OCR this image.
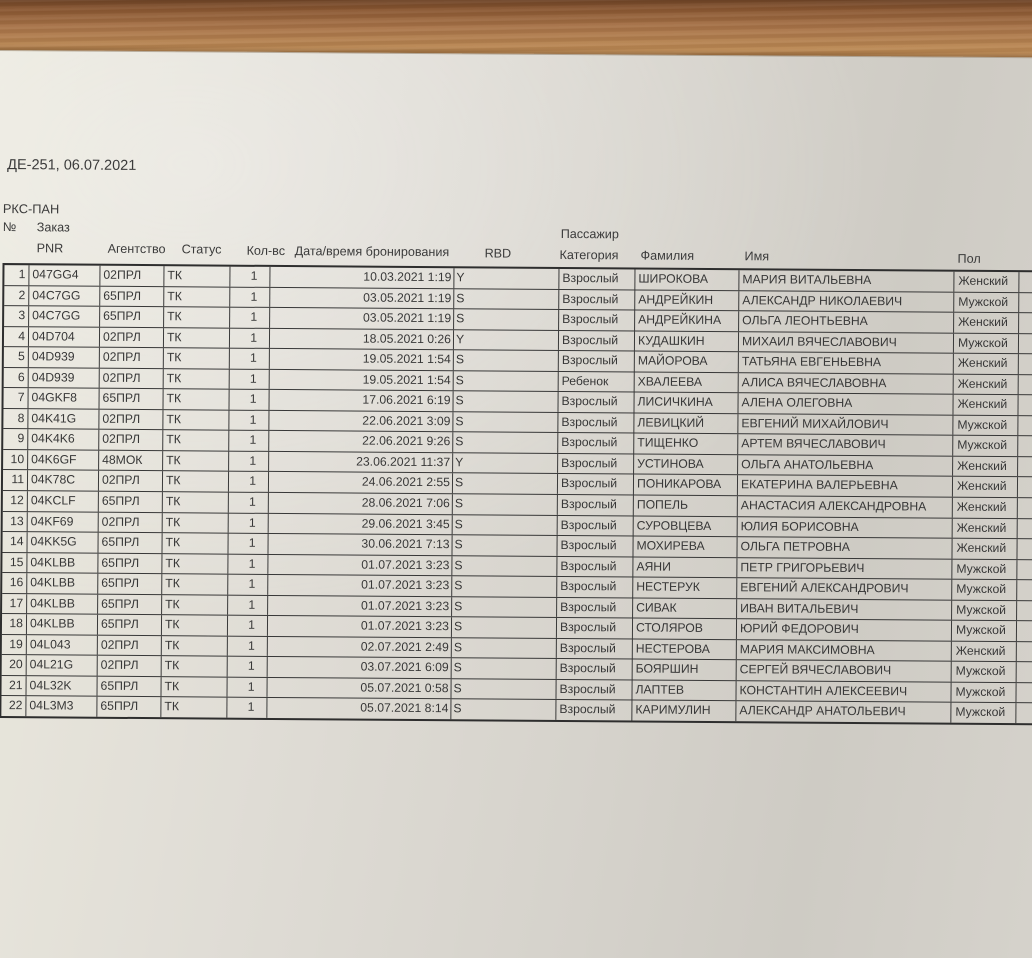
ДЕ-251, 06.07.2021
РКС-ПАН
№ Заказ	Пассажир
PNR	Агентство Статус Кол-вс Дата/время бронирования	RBD	Категория Фамилия	Имя	Пол
1 047GG4	02ПРЛ	ТК	1	10.03.2021 1:19 Y	Взрослый	ШИРОКОВА	МАРИЯ ВИТАЛЬЕВНА	Женский
2 04C7GG	65ПРЛ	ТК	1	03.05.2021 1:19 S	Взрослый	АНДРЕЙКИН	АЛЕКСАНДР НИКОЛАЕВИЧ	Мужской
3 04C7GG	65ПРЛ	ТК	1	03.05.2021 1:19 S	Взрослый	АНДРЕЙКИНА	ОЛЬГА ЛЕОНТЬЕВНА	Женский
4 04D704	02ПРЛ	ТК	1	18.05.2021 0:26 Y	Взрослый	КУДАШКИН	МИХАИЛ ВЯЧЕСЛАВОВИЧ	Мужской
5 04D939	02ПРЛ	ТК	1	19.05.2021 1:54 S	Взрослый	МАЙОРОВА	ТАТЬЯНА ЕВГЕНЬЕВНА	Женский
6 04D939	02ПРЛ	ТК	1	19.05.2021 1:54 S	Ребенок	ХВАЛЕЕВА	АЛИСА ВЯЧЕСЛАВОВНА	Женский
7 04GKF8	65ПРЛ	ТК	1	17.06.2021 6:19 S	Взрослый	ЛИСИЧКИНА	АЛЕНА ОЛЕГОВНА	Женский
8 04K41G	02ПРЛ	ТК	1	22.06.2021 3:09 S	Взрослый	ЛЕВИЦКИЙ	ЕВГЕНИЙ МИХАЙЛОВИЧ	Мужской
9 04K4K6	02ПРЛ	ТК	1	22.06.2021 9:26 S	Взрослый	ТИЩЕНКО	АРТЕМ ВЯЧЕСЛАВОВИЧ	Мужской
10 04K6GF	48МОК	ТК	1	23.06.2021 11:37 Y	Взрослый	УСТИНОВА	ОЛЬГА АНАТОЛЬЕВНА	Женский
11 04K78C	02ПРЛ	ТК	1	24.06.2021 2:55 S	Взрослый	ПОНИКАРОВА	ЕКАТЕРИНА ВАЛЕРЬЕВНА	Женский
12 04KCLF	65ПРЛ	ТК	1	28.06.2021 7:06 S	Взрослый	ПОПЕЛЬ	АНАСТАСИЯ АЛЕКСАНДРОВНА	Женский
13 04KF69	02ПРЛ	ТК	1	29.06.2021 3:45 S	Взрослый	СУРОВЦЕВА	ЮЛИЯ БОРИСОВНА	Женский
14 04KK5G	65ПРЛ	ТК	1	30.06.2021 7:13 S	Взрослый	МОХИРЕВА	ОЛЬГА ПЕТРОВНА	Женский
15 04KLBB	65ПРЛ	ТК	1	01.07.2021 3:23 S	Взрослый	АЯНИ	ПЕТР ГРИГОРЬЕВИЧ	Мужской
16 04KLBB	65ПРЛ	ТК	1	01.07.2021 3:23 S	Взрослый	НЕСТЕРУК	ЕВГЕНИЙ АЛЕКСАНДРОВИЧ	Мужской
17 04KLBB	65ПРЛ	ТК	1	01.07.2021 3:23 S	Взрослый	СИВАК	ИВАН ВИТАЛЬЕВИЧ	Мужской
18 04KLBB	65ПРЛ	ТК	1	01.07.2021 3:23 S	Взрослый	СТОЛЯРОВ	ЮРИЙ ФЕДОРОВИЧ	Мужской
19 04L043	02ПРЛ	ТК	1	02.07.2021 2:49 S	Взрослый	НЕСТЕРОВА	МАРИЯ МАКСИМОВНА	Женский
20 04L21G	02ПРЛ	ТК	1	03.07.2021 6:09 S	Взрослый	БОЯРШИН	СЕРГЕЙ ВЯЧЕСЛАВОВИЧ	Мужской
21 04L32K	65ПРЛ	ТК	1	05.07.2021 0:58 S	Взрослый	ЛАПТЕВ	КОНСТАНТИН АЛЕКСЕЕВИЧ	Мужской
22 04L3M3	65ПРЛ	ТК	1	05.07.2021 8:14 S	Взрослый	КАРИМУЛИН	АЛЕКСАНДР АНАТОЛЬЕВИЧ	Мужской
